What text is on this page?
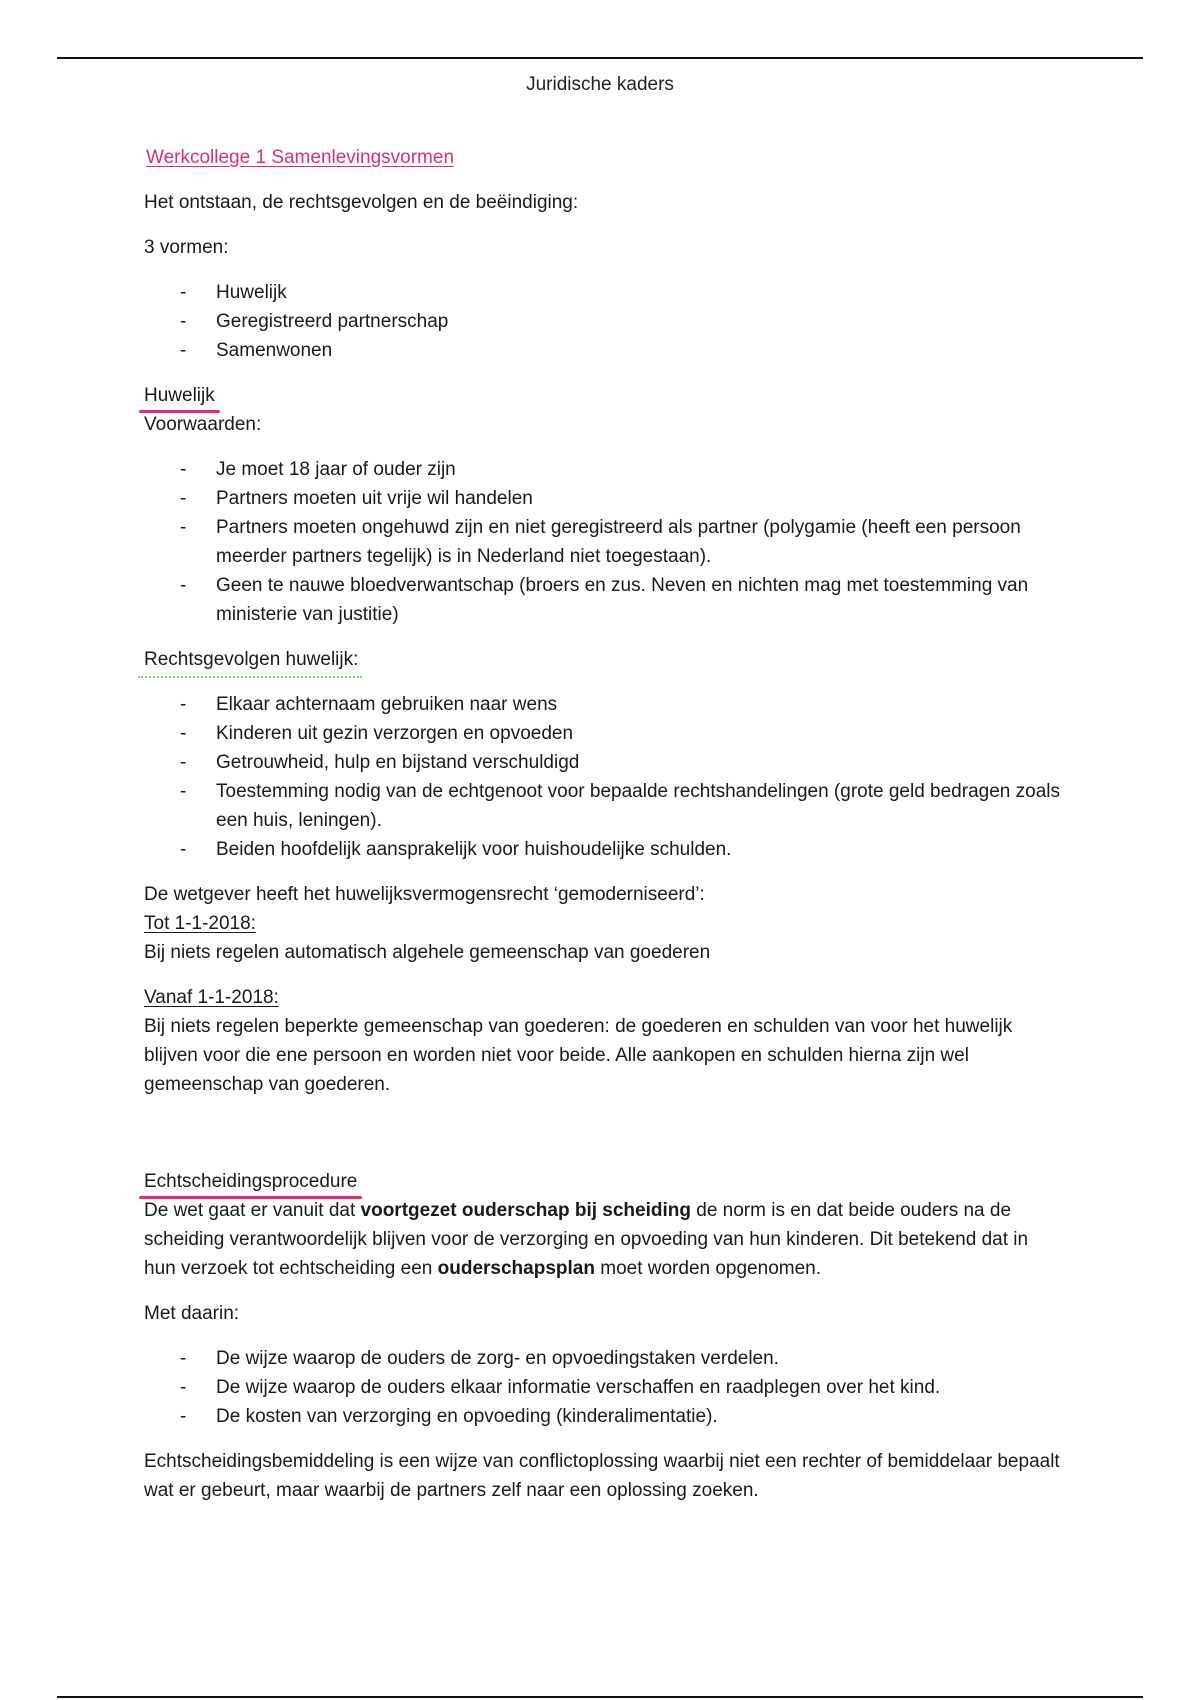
Juridische kaders

Werkcollege 1 Samenlevingsvormen

Het ontstaan, de rechtsgevolgen en de beëindiging:

3 vormen:

- Huwelijk
- Geregistreerd partnerschap
- Samenwonen

Huwelijk

Voorwaarden:

- Je moet 18 jaar of ouder zijn
- Partners moeten uit vrije wil handelen
- Partners moeten ongehuwd zijn en niet geregistreerd als partner (polygamie (heeft een persoon meerder partners tegelijk) is in Nederland niet toegestaan).
- Geen te nauwe bloedverwantschap (broers en zus. Neven en nichten mag met toestemming van ministerie van justitie)

Rechtsgevolgen huwelijk:

- Elkaar achternaam gebruiken naar wens
- Kinderen uit gezin verzorgen en opvoeden
- Getrouwheid, hulp en bijstand verschuldigd
- Toestemming nodig van de echtgenoot voor bepaalde rechtshandelingen (grote geld bedragen zoals een huis, leningen).
- Beiden hoofdelijk aansprakelijk voor huishoudelijke schulden.

De wetgever heeft het huwelijksvermogensrecht ‘gemoderniseerd’:

Tot 1-1-2018:

Bij niets regelen automatisch algehele gemeenschap van goederen

Vanaf 1-1-2018:

Bij niets regelen beperkte gemeenschap van goederen: de goederen en schulden van voor het huwelijk blijven voor die ene persoon en worden niet voor beide. Alle aankopen en schulden hierna zijn wel gemeenschap van goederen.

Echtscheidingsprocedure

De wet gaat er vanuit dat voortgezet ouderschap bij scheiding de norm is en dat beide ouders na de scheiding verantwoordelijk blijven voor de verzorging en opvoeding van hun kinderen. Dit betekend dat in hun verzoek tot echtscheiding een ouderschapsplan moet worden opgenomen.

Met daarin:

- De wijze waarop de ouders de zorg- en opvoedingstaken verdelen.
- De wijze waarop de ouders elkaar informatie verschaffen en raadplegen over het kind.
- De kosten van verzorging en opvoeding (kinderalimentatie).

Echtscheidingsbemiddeling is een wijze van conflictoplossing waarbij niet een rechter of bemiddelaar bepaalt wat er gebeurt, maar waarbij de partners zelf naar een oplossing zoeken.
